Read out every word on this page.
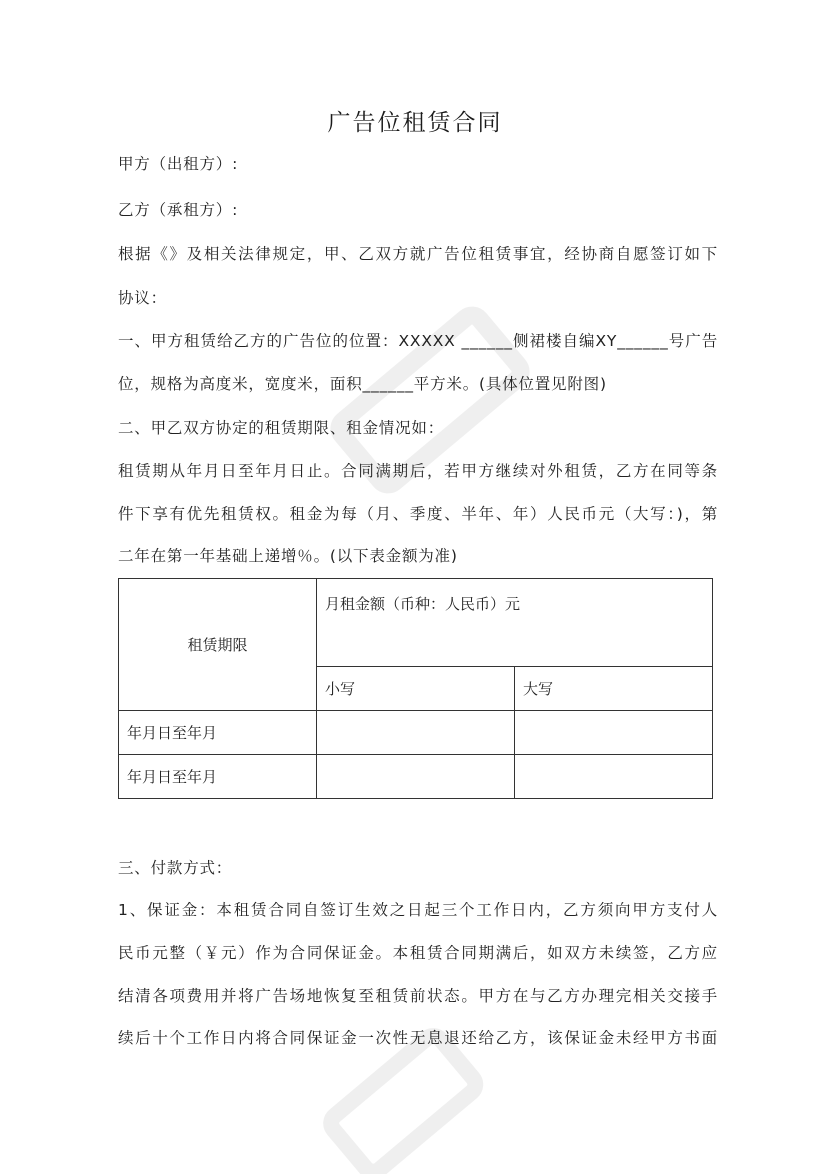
广告位租赁合同
甲方（出租方）:
乙方（承租方）:
根据《》及相关法律规定，甲、乙双方就广告位租赁事宜，经协商自愿签订如下
协议：
一、甲方租赁给乙方的广告位的位置：XXXXX ______侧裙楼自编XY______号广告
位，规格为高度米，宽度米，面积______平方米。(具体位置见附图)
二、甲乙双方协定的租赁期限、租金情况如：
租赁期从年月日至年月日止。合同满期后，若甲方继续对外租赁，乙方在同等条
件下享有优先租赁权。租金为每（月、季度、半年、年）人民币元（大写：)，第
二年在第一年基础上递增％。(以下表金额为准)
租赁期限	月租金额（币种：人民币）元	
	小写	大写
年月日至年月		
年月日至年月		
三、付款方式：
1、保证金：本租赁合同自签订生效之日起三个工作日内，乙方须向甲方支付人
民币元整（￥元）作为合同保证金。本租赁合同期满后，如双方未续签，乙方应
结清各项费用并将广告场地恢复至租赁前状态。甲方在与乙方办理完相关交接手
续后十个工作日内将合同保证金一次性无息退还给乙方，该保证金未经甲方书面
